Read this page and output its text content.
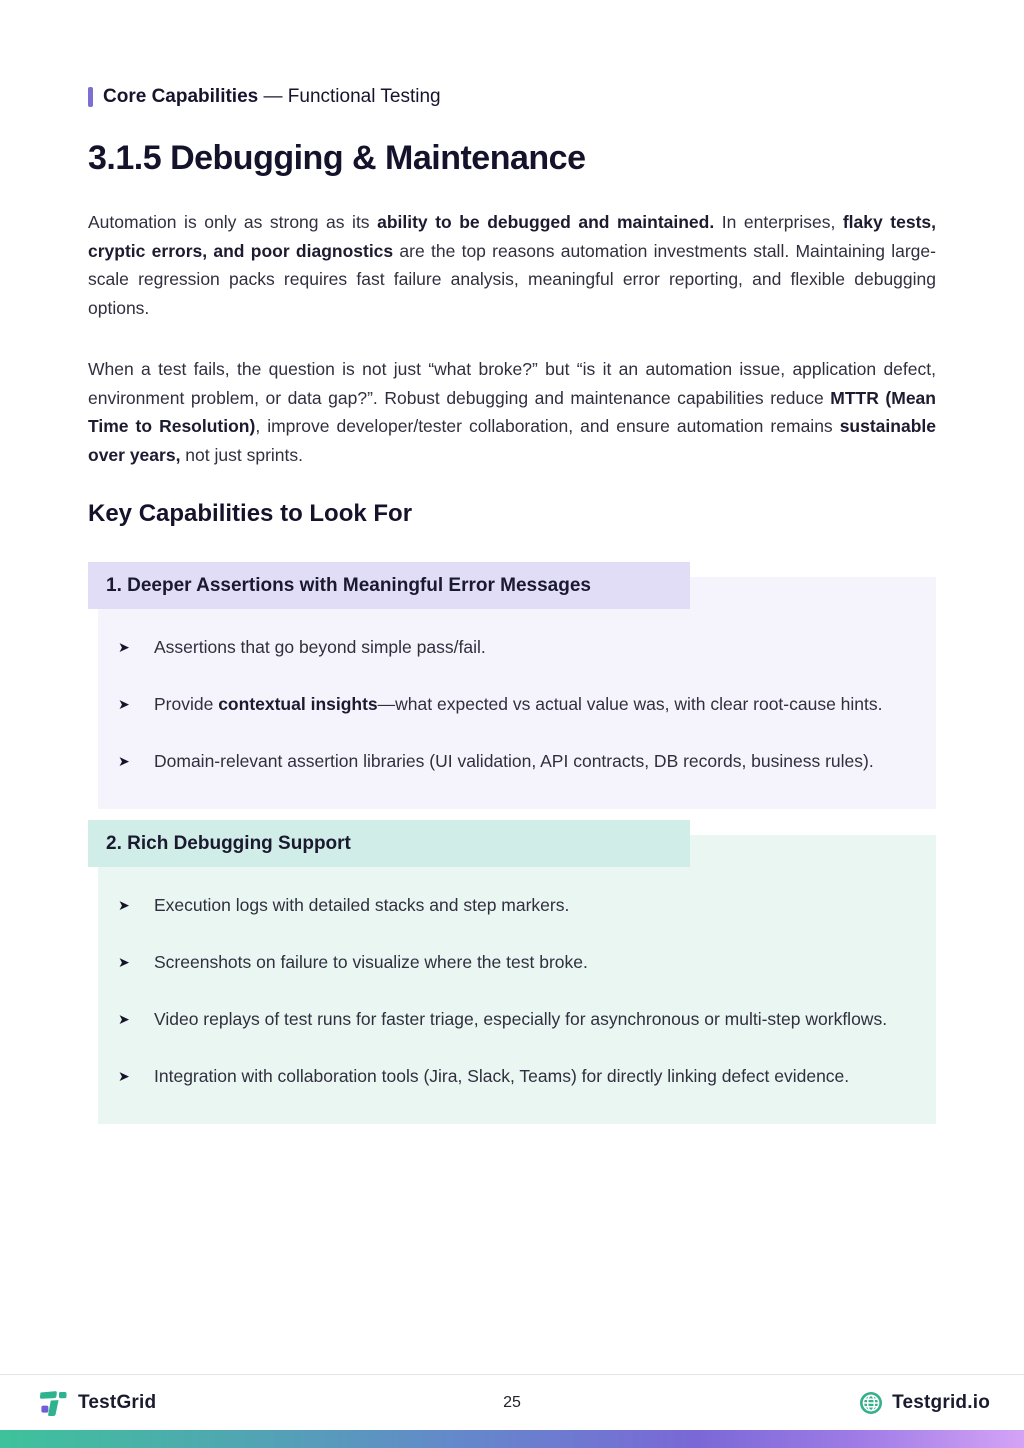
Core Capabilities — Functional Testing
3.1.5 Debugging & Maintenance

Automation is only as strong as its ability to be debugged and maintained. In enterprises, flaky tests, cryptic errors, and poor diagnostics are the top reasons automation investments stall. Maintaining large-scale regression packs requires fast failure analysis, meaningful error reporting, and flexible debugging options.

When a test fails, the question is not just “what broke?” but “is it an automation issue, application defect, environment problem, or data gap?”. Robust debugging and maintenance capabilities reduce MTTR (Mean Time to Resolution), improve developer/tester collaboration, and ensure automation remains sustainable over years, not just sprints.

Key Capabilities to Look For
1. Deeper Assertions with Meaningful Error Messages
➤	Assertions that go beyond simple pass/fail.
➤	Provide contextual insights—what expected vs actual value was, with clear root-cause hints.
➤	Domain-relevant assertion libraries (UI validation, API contracts, DB records, business rules).
2. Rich Debugging Support
➤	Execution logs with detailed stacks and step markers.
➤	Screenshots on failure to visualize where the test broke.
➤	Video replays of test runs for faster triage, especially for asynchronous or multi-step workflows.
➤	Integration with collaboration tools (Jira, Slack, Teams) for directly linking defect evidence.
TestGrid	25	Testgrid.io
